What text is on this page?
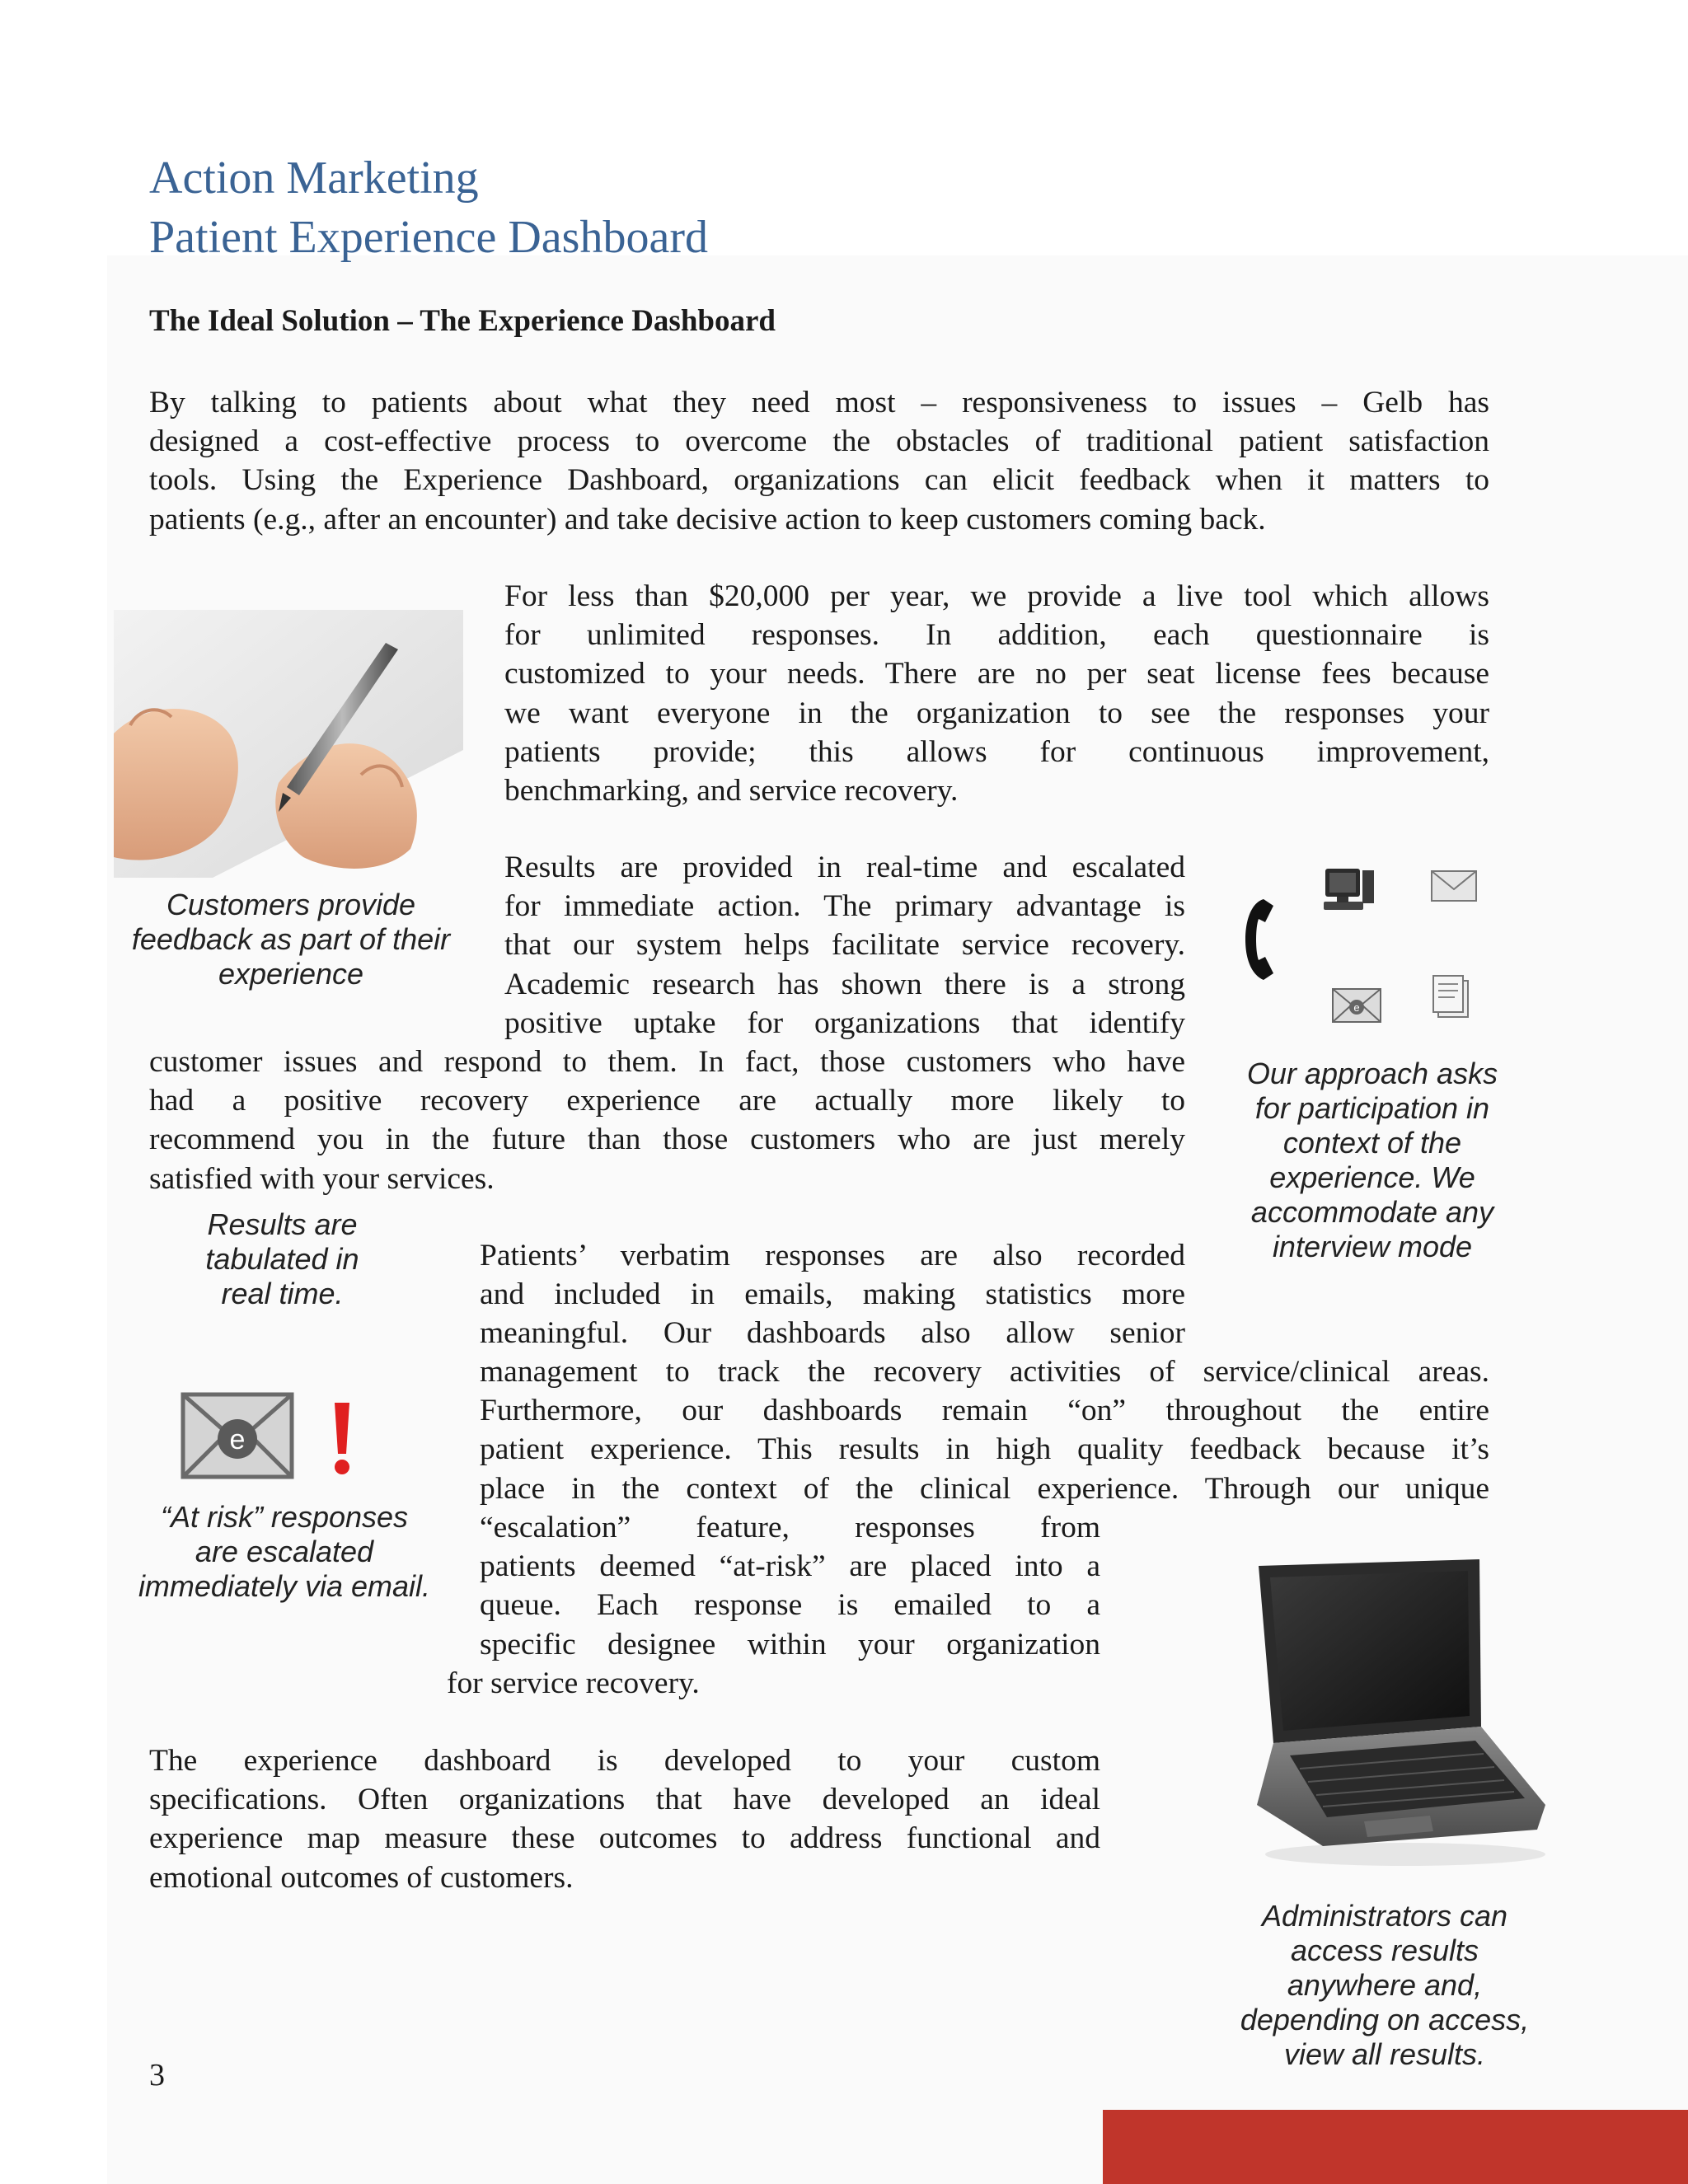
Action Marketing
Patient Experience Dashboard
The Ideal Solution – The Experience Dashboard
By talking to patients about what they need most – responsiveness to issues – Gelb has
designed a cost-effective process to overcome the obstacles of traditional patient satisfaction
tools. Using the Experience Dashboard, organizations can elicit feedback when it matters to
patients (e.g., after an encounter) and take decisive action to keep customers coming back.
Customers provide
feedback as part of their
experience
For less than $20,000 per year, we provide a live tool which allows
for unlimited responses. In addition, each questionnaire is
customized to your needs. There are no per seat license fees because
we want everyone in the organization to see the responses your
patients provide; this allows for continuous improvement,
benchmarking, and service recovery.
Results are provided in real-time and escalated
for immediate action. The primary advantage is
that our system helps facilitate service recovery.
Academic research has shown there is a strong
positive uptake for organizations that identify
customer issues and respond to them. In fact, those customers who have
had a positive recovery experience are actually more likely to
recommend you in the future than those customers who are just merely
satisfied with your services.
e
Our approach asks
for participation in
context of the
experience. We
accommodate any
interview mode
Results are
tabulated in
real time.
Patients’ verbatim responses are also recorded
and included in emails, making statistics more
meaningful. Our dashboards also allow senior
management to track the recovery activities of service/clinical areas.
Furthermore, our dashboards remain “on” throughout the entire
patient experience. This results in high quality feedback because it’s
place in the context of the clinical experience. Through our unique
e
“At risk” responses
are escalated
immediately via email.
“escalation” feature, responses from
patients deemed “at-risk” are placed into a
queue. Each response is emailed to a
specific designee within your organization
for service recovery.
The experience dashboard is developed to your custom
specifications. Often organizations that have developed an ideal
experience map measure these outcomes to address functional and
emotional outcomes of customers.
Administrators can
access results
anywhere and,
depending on access,
view all results.
3
